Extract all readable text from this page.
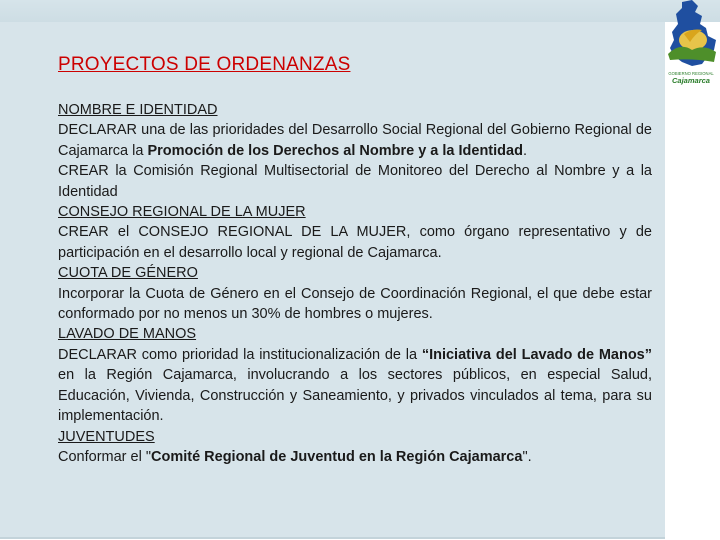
GOBIERNO REGIONAL
Cajamarca
PROYECTOS DE ORDENANZAS

NOMBRE E IDENTIDAD

DECLARAR una de las prioridades del Desarrollo Social Regional del Gobierno Regional de Cajamarca la Promoción de los Derechos al Nombre y a la Identidad.

CREAR la Comisión Regional Multisectorial de Monitoreo del Derecho al Nombre y a la Identidad

CONSEJO REGIONAL DE LA MUJER

CREAR el CONSEJO REGIONAL DE LA MUJER, como órgano representativo y de participación en el desarrollo local y regional de Cajamarca.

CUOTA DE GÉNERO

Incorporar la Cuota de Género en el Consejo de Coordinación Regional, el que debe estar conformado por no menos un 30% de hombres o mujeres.

LAVADO DE MANOS

DECLARAR como prioridad la institucionalización de la “Iniciativa del Lavado de Manos” en la Región Cajamarca, involucrando a los sectores públicos, en especial Salud, Educación, Vivienda, Construcción y Saneamiento, y privados vinculados al tema, para su implementación.

JUVENTUDES

Conformar el "Comité Regional de Juventud en la Región Cajamarca".
